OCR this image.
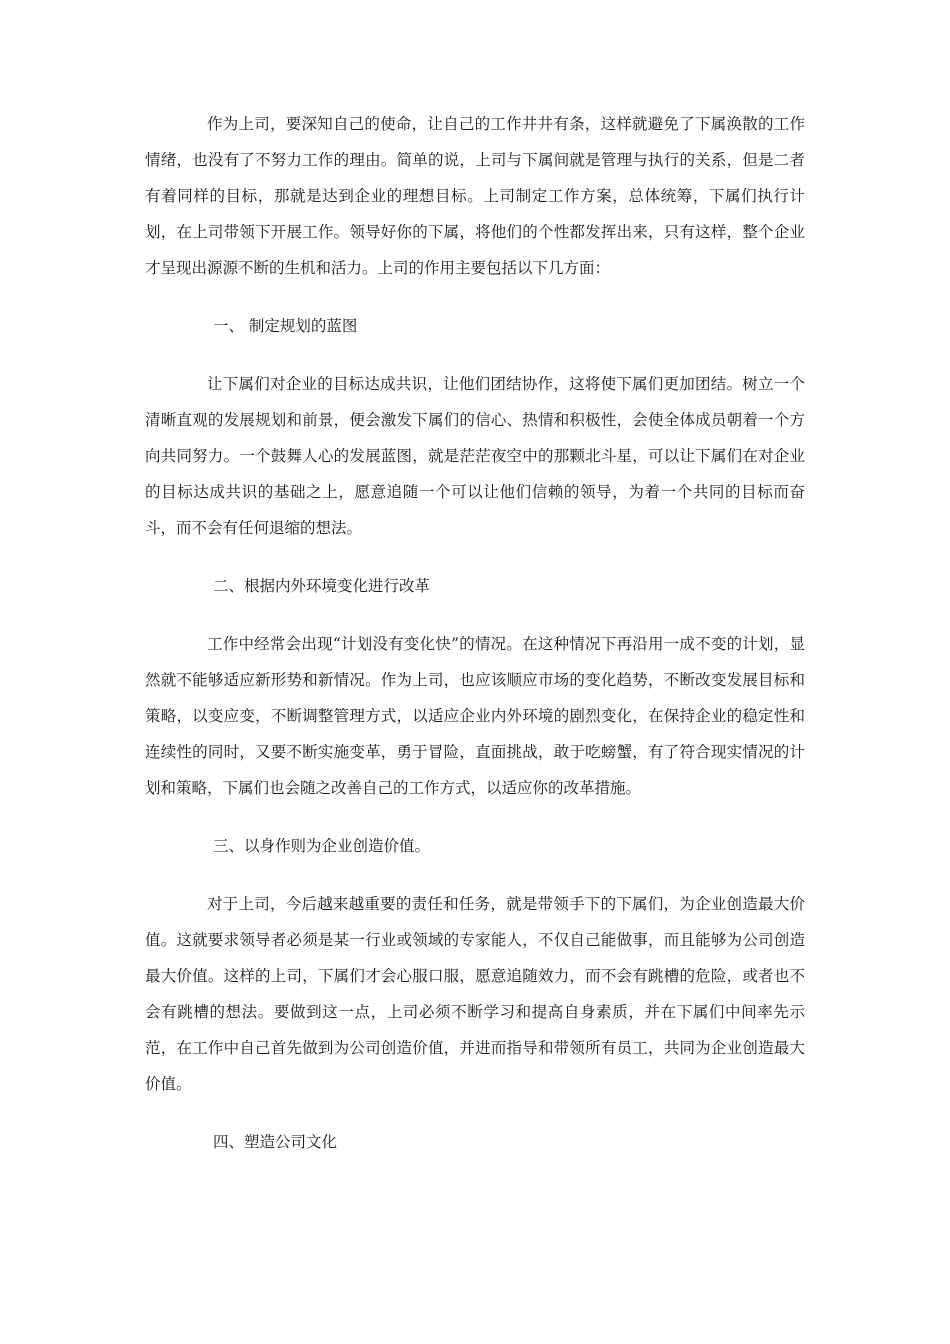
作为上司，要深知自己的使命，让自己的工作井井有条，这样就避免了下属涣散的工作情绪，也没有了不努力工作的理由。简单的说，上司与下属间就是管理与执行的关系，但是二者有着同样的目标，那就是达到企业的理想目标。上司制定工作方案，总体统筹，下属们执行计划，在上司带领下开展工作。领导好你的下属，将他们的个性都发挥出来，只有这样，整个企业才呈现出源源不断的生机和活力。上司的作用主要包括以下几方面：

一、 制定规划的蓝图

让下属们对企业的目标达成共识，让他们团结协作，这将使下属们更加团结。树立一个清晰直观的发展规划和前景，便会激发下属们的信心、热情和积极性，会使全体成员朝着一个方向共同努力。一个鼓舞人心的发展蓝图，就是茫茫夜空中的那颗北斗星，可以让下属们在对企业的目标达成共识的基础之上，愿意追随一个可以让他们信赖的领导，为着一个共同的目标而奋斗，而不会有任何退缩的想法。

二、根据内外环境变化进行改革

工作中经常会出现“计划没有变化快”的情况。在这种情况下再沿用一成不变的计划，显然就不能够适应新形势和新情况。作为上司，也应该顺应市场的变化趋势，不断改变发展目标和策略，以变应变，不断调整管理方式，以适应企业内外环境的剧烈变化，在保持企业的稳定性和连续性的同时，又要不断实施变革，勇于冒险，直面挑战，敢于吃螃蟹，有了符合现实情况的计划和策略，下属们也会随之改善自己的工作方式，以适应你的改革措施。

三、以身作则为企业创造价值。

对于上司，今后越来越重要的责任和任务，就是带领手下的下属们，为企业创造最大价值。这就要求领导者必须是某一行业或领域的专家能人，不仅自己能做事，而且能够为公司创造最大价值。这样的上司，下属们才会心服口服，愿意追随效力，而不会有跳槽的危险，或者也不会有跳槽的想法。要做到这一点，上司必须不断学习和提高自身素质，并在下属们中间率先示范，在工作中自己首先做到为公司创造价值，并进而指导和带领所有员工，共同为企业创造最大价值。

四、塑造公司文化
